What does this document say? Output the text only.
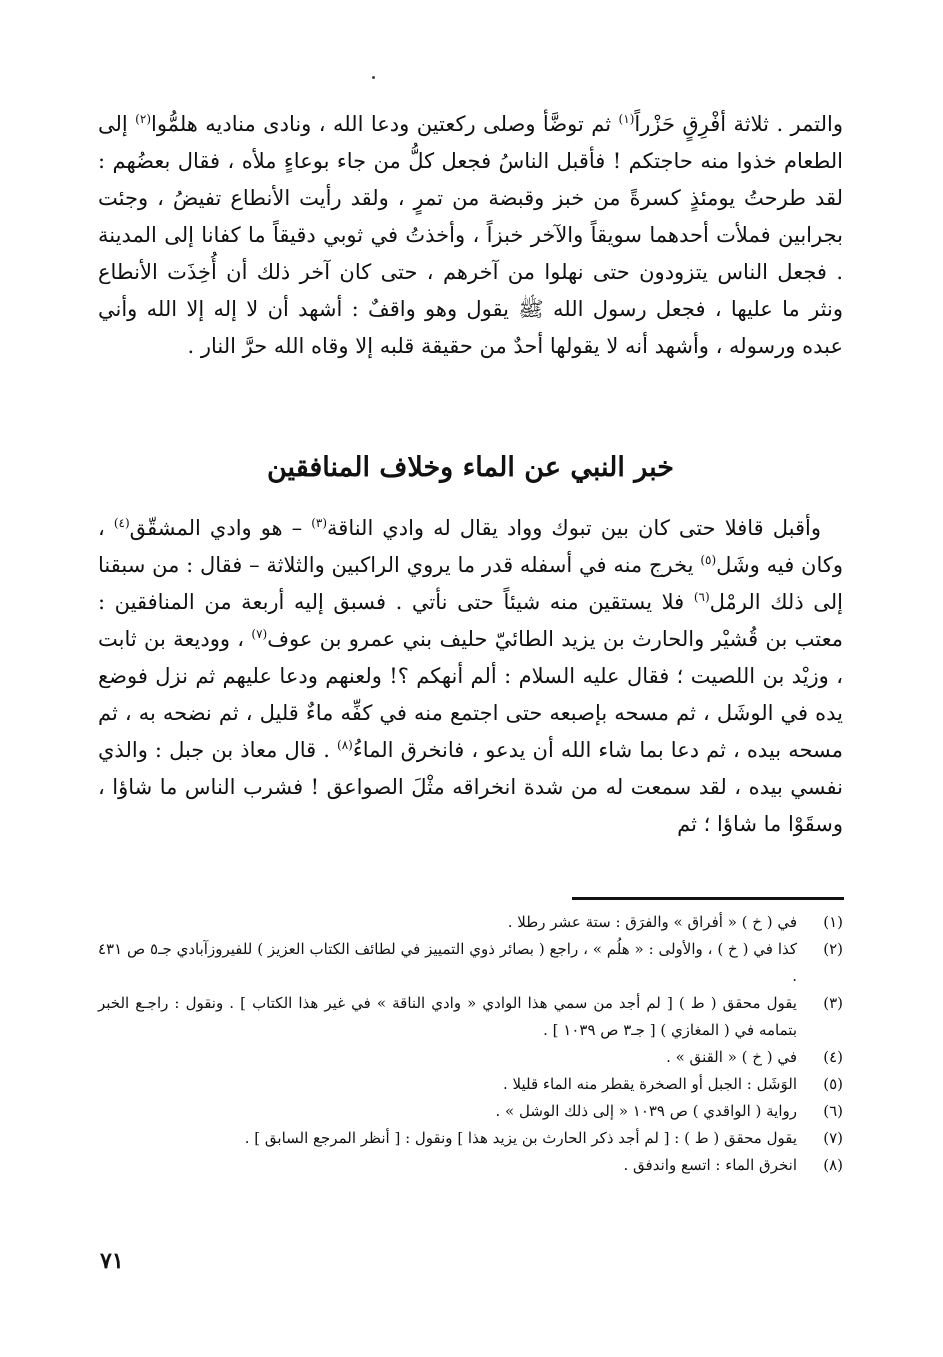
والتمر . ثلاثة أفْرِقٍ حَزْراً$^{(١)}$ ثم توضَّأ وصلى ركعتين ودعا الله ، ونادى مناديه هلمُّوا$^{(٢)}$ إلى الطعام خذوا منه حاجتكم ! فأقبل الناسُ فجعل كلُّ من جاء بوعاءٍ ملأه ، فقال بعضُهم : لقد طرحتُ يومئذٍ كسرةً من خبز وقبضة من تمرٍ ، ولقد رأيت الأنطاع تفيضُ ، وجئت بجرابين فملأت أحدهما سويقاً والآخر خبزاً ، وأخذتُ في ثوبي دقيقاً ما كفانا إلى المدينة . فجعل الناس يتزودون حتى نهلوا من آخرهم ، حتى كان آخر ذلك أن أُخِذَت الأنطاع ونثر ما عليها ، فجعل رسول الله ﷺ يقول وهو واقفٌ : أشهد أن لا إله إلا الله وأني عبده ورسوله ، وأشهد أنه لا يقولها أحدٌ من حقيقة قلبه إلا وقاه الله حرَّ النار .

خبر النبي عن الماء وخلاف المنافقين

وأقبل قافلا حتى كان بين تبوك وواد يقال له وادي الناقة$^{(٣)}$ – هو وادي المشقّق$^{(٤)}$ ، وكان فيه وشَل$^{(٥)}$ يخرج منه في أسفله قدر ما يروي الراكبين والثلاثة – فقال : من سبقنا إلى ذلك الرمْل$^{(٦)}$ فلا يستقين منه شيئاً حتى نأتي . فسبق إليه أربعة من المنافقين : معتب بن قُشيْر والحارث بن يزيد الطائيّ حليف بني عمرو بن عوف$^{(٧)}$ ، ووديعة بن ثابت ، وزيْد بن اللصيت ؛ فقال عليه السلام : ألم أنهكم ؟! ولعنهم ودعا عليهم ثم نزل فوضع يده في الوشَل ، ثم مسحه بإصبعه حتى اجتمع منه في كفِّه ماءٌ قليل ، ثم نضحه به ، ثم مسحه بيده ، ثم دعا بما شاء الله أن يدعو ، فانخرق الماءُ$^{(٨)}$ . قال معاذ بن جبل : والذي نفسي بيده ، لقد سمعت له من شدة انخراقه مثْلَ الصواعق ! فشرب الناس ما شاؤا ، وسقَوْا ما شاؤا ؛ ثم

(١)
في ( خ ) « أفراق » والفرَق : ستة عشر رطلا .
(٢)
كذا في ( خ ) ، والأولى : « هلُم » ، راجع ( بصائر ذوي التمييز في لطائف الكتاب العزيز ) للفيروزآبادي جـ٥ ص ٤٣١ .
(٣)
يقول محقق ( ط ) [ لم أجد من سمي هذا الوادي « وادي الناقة » في غير هذا الكتاب ] . ونقول : راجـع الخبر بتمامه في ( المغازي ) [ جـ٣ ص ١٠٣٩ ] .
(٤)
في ( خ ) « القنق » .
(٥)
الوَشَل : الجبل أو الصخرة يقطر منه الماء قليلا .
(٦)
رواية ( الواقدي ) ص ١٠٣٩ « إلى ذلك الوشل » .
(٧)
يقول محقق ( ط ) : [ لم أجد ذكر الحارث بن يزيد هذا ] ونقول : [ أنظر المرجع السابق ] .
(٨)
انخرق الماء : اتسع واندفق .
٧١
